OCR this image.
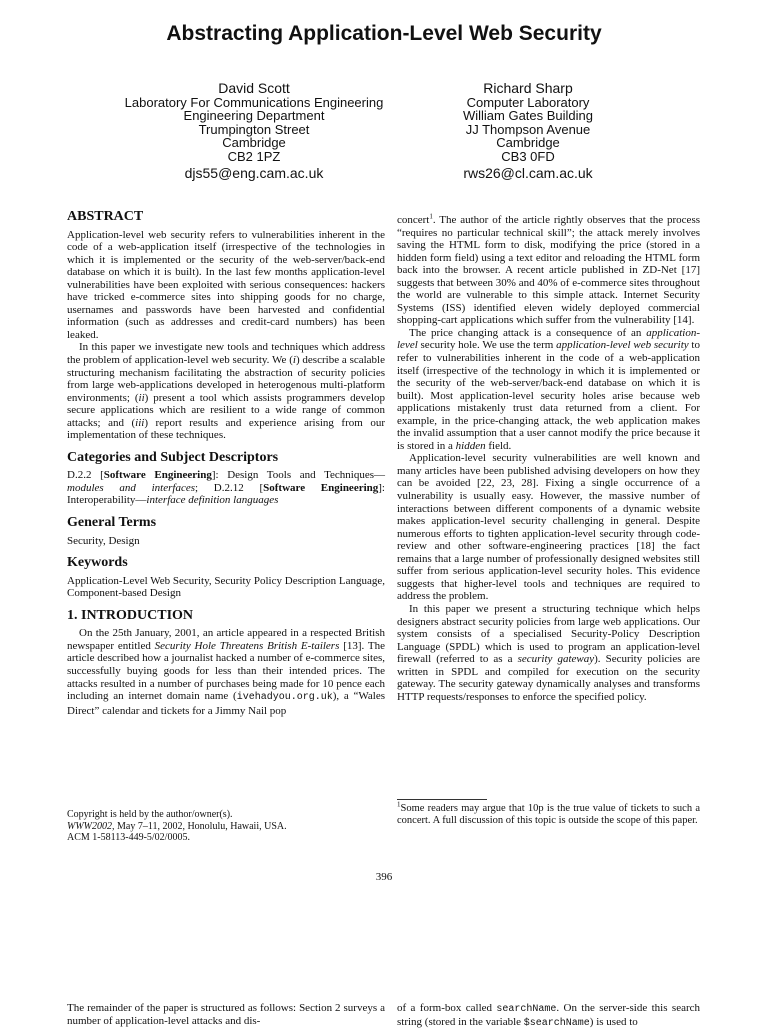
Abstracting Application-Level Web Security
David Scott
Laboratory For Communications Engineering
Engineering Department
Trumpington Street
Cambridge
CB2 1PZ
djs55@eng.cam.ac.uk
Richard Sharp
Computer Laboratory
William Gates Building
JJ Thompson Avenue
Cambridge
CB3 0FD
rws26@cl.cam.ac.uk
ABSTRACT

Application-level web security refers to vulnerabilities inherent in the code of a web-application itself (irrespective of the technologies in which it is implemented or the security of the web-server/back-end database on which it is built). In the last few months application-level vulnerabilities have been exploited with serious consequences: hackers have tricked e-commerce sites into shipping goods for no charge, usernames and passwords have been harvested and confidential information (such as addresses and credit-card numbers) has been leaked.

In this paper we investigate new tools and techniques which address the problem of application-level web security. We (i) describe a scalable structuring mechanism facilitating the abstraction of security policies from large web-applications developed in heterogenous multi-platform environments; (ii) present a tool which assists programmers develop secure applications which are resilient to a wide range of common attacks; and (iii) report results and experience arising from our implementation of these techniques.

Categories and Subject Descriptors

D.2.2 [Software Engineering]: Design Tools and Techniques—modules and interfaces; D.2.12 [Software Engineering]: Interoperability—interface definition languages

General Terms

Security, Design

Keywords

Application-Level Web Security, Security Policy Description Language, Component-based Design

1. INTRODUCTION

On the 25th January, 2001, an article appeared in a respected British newspaper entitled Security Hole Threatens British E-tailers [13]. The article described how a journalist hacked a number of e-commerce sites, successfully buying goods for less than their intended prices. The attacks resulted in a number of purchases being made for 10 pence each including an internet domain name (ivehadyou.org.uk), a “Wales Direct” calendar and tickets for a Jimmy Nail pop

Copyright is held by the author/owner(s).
WWW2002, May 7–11, 2002, Honolulu, Hawaii, USA.
ACM 1-58113-449-5/02/0005.

concert$^1$. The author of the article rightly observes that the process “requires no particular technical skill”; the attack merely involves saving the HTML form to disk, modifying the price (stored in a hidden form field) using a text editor and reloading the HTML form back into the browser. A recent article published in ZD-Net [17] suggests that between 30% and 40% of e-commerce sites throughout the world are vulnerable to this simple attack. Internet Security Systems (ISS) identified eleven widely deployed commercial shopping-cart applications which suffer from the vulnerability [14].

The price changing attack is a consequence of an application-level security hole. We use the term application-level web security to refer to vulnerabilities inherent in the code of a web-application itself (irrespective of the technology in which it is implemented or the security of the web-server/back-end database on which it is built). Most application-level security holes arise because web applications mistakenly trust data returned from a client. For example, in the price-changing attack, the web application makes the invalid assumption that a user cannot modify the price because it is stored in a hidden field.

Application-level security vulnerabilities are well known and many articles have been published advising developers on how they can be avoided [22, 23, 28]. Fixing a single occurrence of a vulnerability is usually easy. However, the massive number of interactions between different components of a dynamic website makes application-level security challenging in general. Despite numerous efforts to tighten application-level security through code-review and other software-engineering practices [18] the fact remains that a large number of professionally designed websites still suffer from serious application-level security holes. This evidence suggests that higher-level tools and techniques are required to address the problem.

In this paper we present a structuring technique which helps designers abstract security policies from large web applications. Our system consists of a specialised Security-Policy Description Language (SPDL) which is used to program an application-level firewall (referred to as a security gateway). Security policies are written in SPDL and compiled for execution on the security gateway. The security gateway dynamically analyses and transforms HTTP requests/responses to enforce the specified policy.

$^1$Some readers may argue that 10p is the true value of tickets to such a concert. A full discussion of this topic is outside the scope of this paper.
396
The remainder of the paper is structured as follows: Section 2 surveys a number of application-level attacks and dis-
of a form-box called searchName. On the server-side this search string (stored in the variable $searchName) is used to
